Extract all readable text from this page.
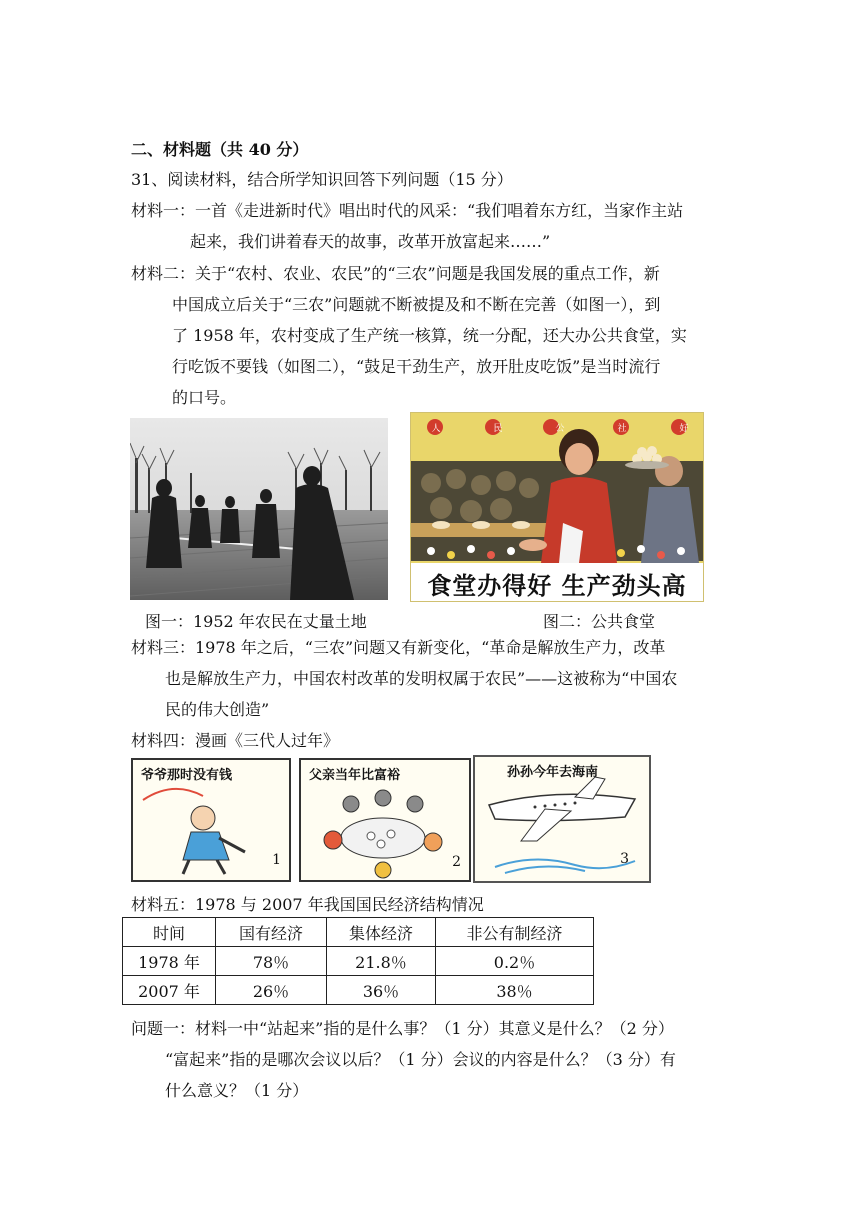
二、材料题（共 40 分）
31、阅读材料，结合所学知识回答下列问题（15 分）
材料一：一首《走进新时代》唱出时代的风采：“我们唱着东方红，当家作主站
起来，我们讲着春天的故事，改革开放富起来……”
材料二：关于“农村、农业、农民”的“三农”问题是我国发展的重点工作，新
中国成立后关于“三农”问题就不断被提及和不断在完善（如图一），到
了 1958 年，农村变成了生产统一核算，统一分配，还大办公共食堂，实
行吃饭不要钱（如图二），“鼓足干劲生产，放开肚皮吃饭”是当时流行
的口号。
人	民	公	社	好
食堂办得好 生产劲头高
图一：1952 年农民在丈量土地	图二：公共食堂
材料三：1978 年之后，“三农”问题又有新变化，“革命是解放生产力，改革
也是解放生产力，中国农村改革的发明权属于农民”——这被称为“中国农
民的伟大创造”
材料四：漫画《三代人过年》
爷爷那时没有钱
1
父亲当年比富裕
2
孙孙今年去海南
3
材料五：1978 与 2007 年我国国民经济结构情况
时间	国有经济	集体经济	非公有制经济
1978 年	78％	21.8％	0.2％
2007 年	26％	36％	38％
问题一：材料一中“站起来”指的是什么事？（1 分）其意义是什么？（2 分）
“富起来”指的是哪次会议以后？（1 分）会议的内容是什么？（3 分）有
什么意义？（1 分）
